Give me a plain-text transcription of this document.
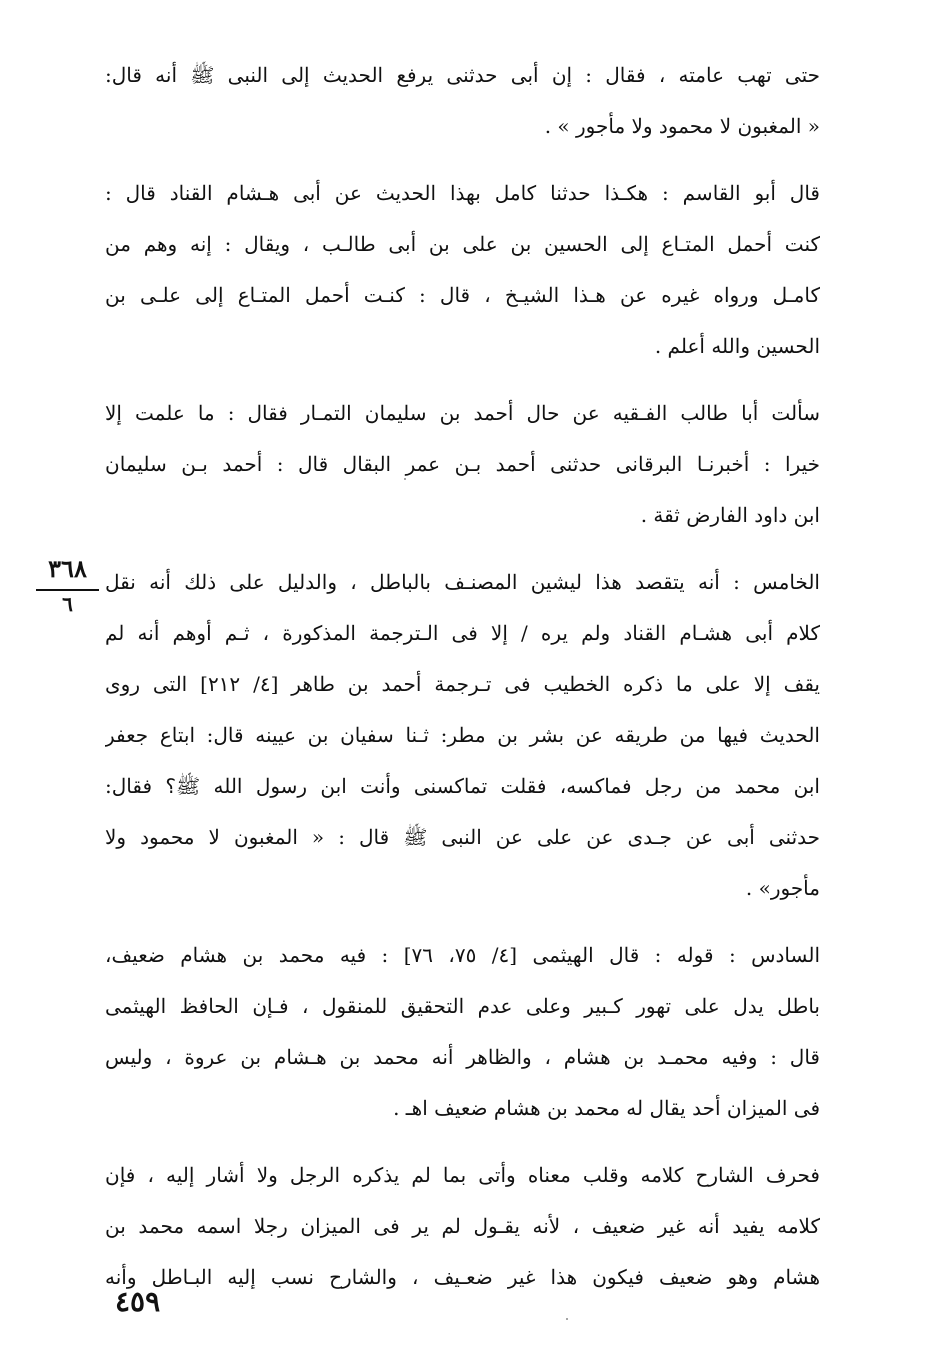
حتى تهب عامته ، فقال : إن أبى حدثنى يرفع الحديث إلى النبى ﷺ أنه قال:
« المغبون لا محمود ولا مأجور » .

قال أبو القاسم : هكـذا حدثنا كامل بهذا الحديث عن أبى هـشام القناد قال :
كنت أحمل المتـاع إلى الحسين بن على بن أبى طالـب ، ويقال : إنه وهم من
كامـل ورواه غيره عن هـذا الشيـخ ، قال : كنـت أحمل المتـاع إلى علـى بن
الحسين والله أعلم .

سألت أبا طالب الفـقيه عن حال أحمد بن سليمان التمـار فقال : ما علمت إلا
خيرا : أخبرنـا البرقانى حدثنى أحمد بـن عمر البقال قال : أحمد بـن سليمان
ابن داود الفارض ثقة .

الخامس : أنه يتقصد هذا ليشين المصنـف بالباطل ، والدليل على ذلك أنه نقل
كلام أبى هشـام القناد ولم يره / إلا فى الـترجمة المذكورة ، ثـم أوهم أنه لم
يقف إلا على ما ذكره الخطيب فى تـرجمة أحمد بن طاهر [٤/ ٢١٢] التى روى
الحديث فيها من طريقه عن بشر بن مطر: ثـنا سفيان بن عيينه قال: ابتاع جعفر
ابن محمد من رجل فماكسه، فقلت تماكسنى وأنت ابن رسول الله ﷺ؟ فقال:
حدثنى أبى عن جـدى عن على عن النبى ﷺ قال : « المغبون لا محمود ولا
مأجور» .

السادس : قوله : قال الهيثمى [٤/ ٧٥، ٧٦] : فيه محمد بن هشام ضعيف،
باطل يدل على تهور كـبير وعلى عدم التحقيق للمنقول ، فـإن الحافظ الهيثمى
قال : وفيه محمـد بن هشام ، والظاهر أنه محمد بن هـشام بن عروة ، وليس
فى الميزان أحد يقال له محمد بن هشام ضعيف اهـ .

فحرف الشارح كلامه وقلب معناه وأتى بما لم يذكره الرجل ولا أشار إليه ، فإن
كلامه يفيد أنه غير ضعيف ، لأنه يقـول لم ير فى الميزان رجلا اسمه محمد بن
هشام وهو ضعيف فيكون هذا غير ضعـيف ، والشارح نسب إليه البـاطل وأنه

٣٦٨
٦
٤٥٩
